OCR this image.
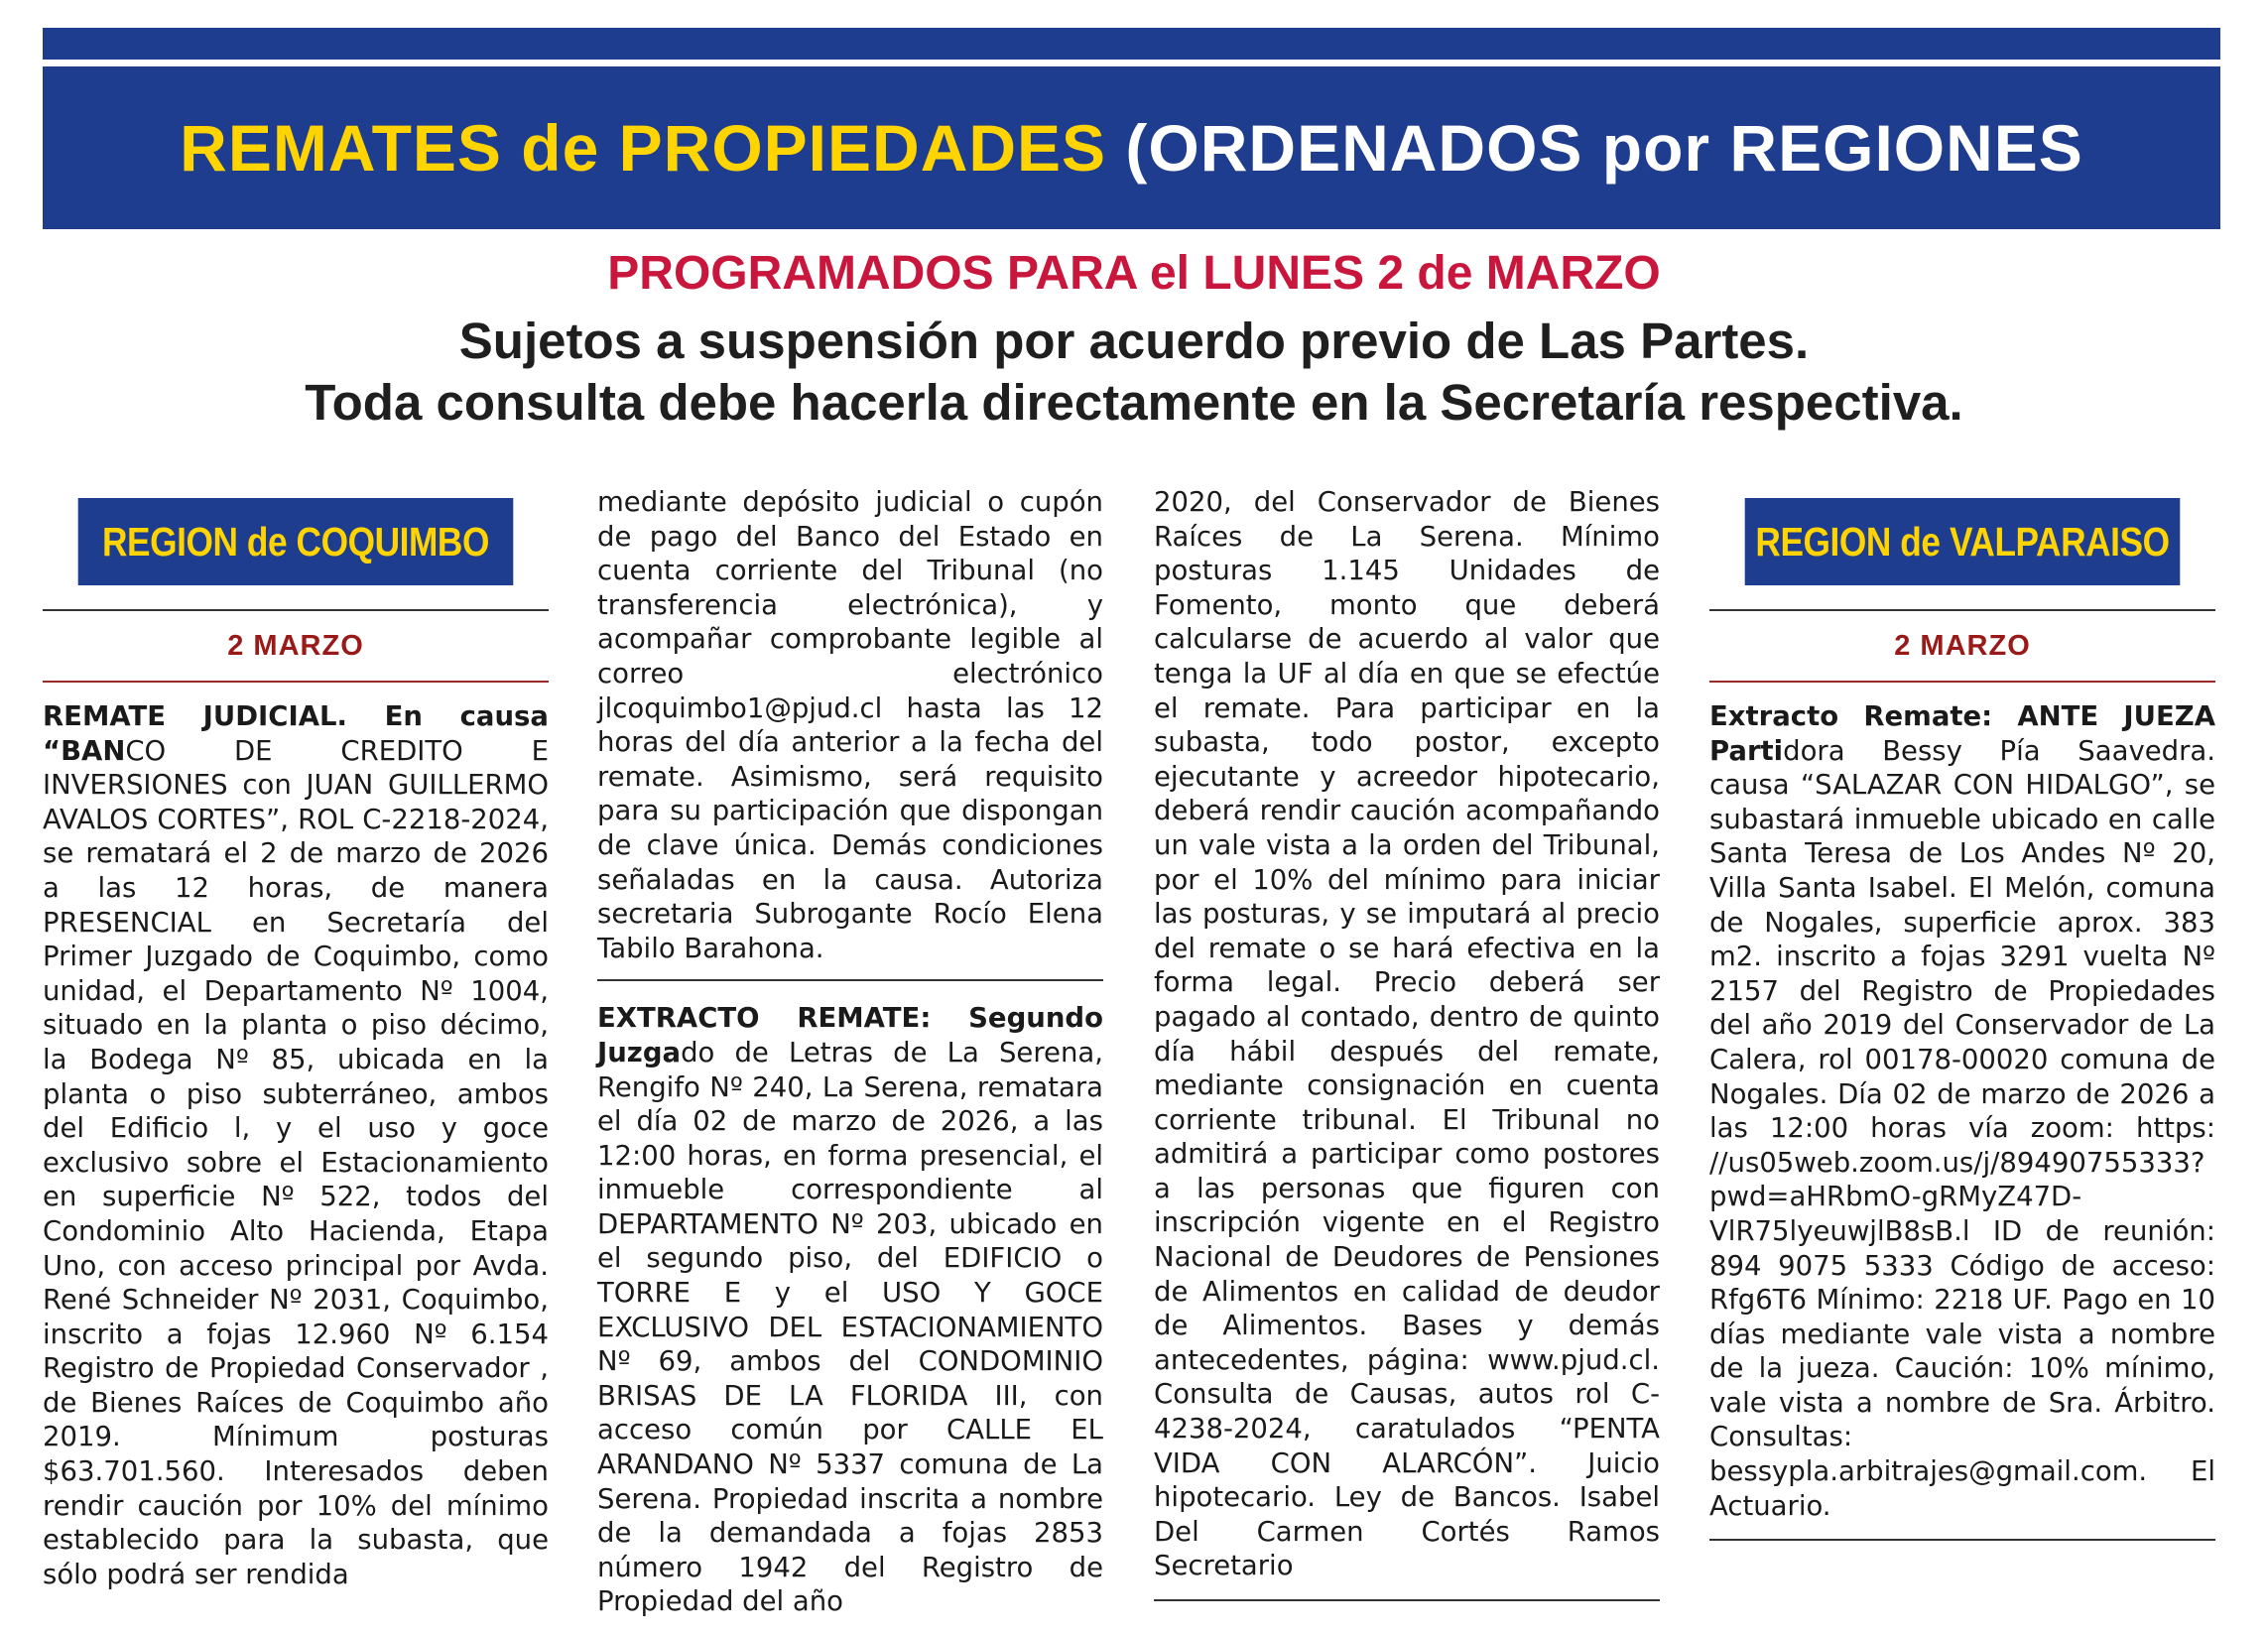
REMATES de PROPIEDADES (ORDENADOS por REGIONES
PROGRAMADOS PARA el LUNES 2 de MARZO
Sujetos a suspensión por acuerdo previo de Las Partes.
Toda consulta debe hacerla directamente en la Secretaría respectiva.
REGION de COQUIMBO
2 MARZO

REMATE JUDICIAL. En causa “BANCO DE CREDITO E INVERSIONES con JUAN GUILLERMO AVALOS CORTES”, ROL C-2218-2024, se rematará el 2 de marzo de 2026 a las 12 horas, de manera PRESENCIAL en Secretaría del Primer Juzgado de Coquimbo, como unidad, el Departamento Nº 1004, situado en la planta o piso décimo, la Bodega Nº 85, ubicada en la planta o piso subterráneo, ambos del Edificio l, y el uso y goce exclusivo sobre el Estacionamiento en superficie Nº 522, todos del Condominio Alto Hacienda, Etapa Uno, con acceso principal por Avda. René Schneider Nº 2031, Coquimbo, inscrito a fojas 12.960 Nº 6.154 Registro de Propiedad Conservador , de Bienes Raíces de Coquimbo año 2019. Mínimum posturas $63.701.560. Interesados deben rendir caución por 10% del mínimo establecido para la subasta, que sólo podrá ser rendida

mediante depósito judicial o cupón de pago del Banco del Estado en cuenta corriente del Tribunal (no transferencia electrónica), y acompañar comprobante legible al correo electrónico jlcoquimbo1@pjud.cl hasta las 12 horas del día anterior a la fecha del remate. Asimismo, será requisito para su participación que dispongan de clave única. Demás condiciones señaladas en la causa. Autoriza secretaria Subrogante Rocío Elena Tabilo Barahona.

EXTRACTO REMATE: Segundo Juzgado de Letras de La Serena, Rengifo Nº 240, La Serena, rematara el día 02 de marzo de 2026, a las 12:00 horas, en forma presencial, el inmueble correspondiente al DEPARTAMENTO Nº 203, ubicado en el segundo piso, del EDIFICIO o TORRE E y el USO Y GOCE EXCLUSIVO DEL ESTACIONAMIENTO Nº 69, ambos del CONDOMINIO BRISAS DE LA FLORIDA III, con acceso común por CALLE EL ARANDANO Nº 5337 comuna de La Serena. Propiedad inscrita a nombre de la demandada a fojas 2853 número 1942 del Registro de Propiedad del año

2020, del Conservador de Bienes Raíces de La Serena. Mínimo posturas 1.145 Unidades de Fomento, monto que deberá calcularse de acuerdo al valor que tenga la UF al día en que se efectúe el remate. Para participar en la subasta, todo postor, excepto ejecutante y acreedor hipotecario, deberá rendir caución acompañando un vale vista a la orden del Tribunal, por el 10% del mínimo para iniciar las posturas, y se imputará al precio del remate o se hará efectiva en la forma legal. Precio deberá ser pagado al contado, dentro de quinto día hábil después del remate, mediante consignación en cuenta corriente tribunal. El Tribunal no admitirá a participar como postores a las personas que figuren con inscripción vigente en el Registro Nacional de Deudores de Pensiones de Alimentos en calidad de deudor de Alimentos. Bases y demás antecedentes, página: www.pjud.cl. Consulta de Causas, autos rol C-4238-2024, caratulados “PENTA VIDA CON ALARCÓN”. Juicio hipotecario. Ley de Bancos. Isabel Del Carmen Cortés Ramos Secretario

REGION de VALPARAISO
2 MARZO

Extracto Remate: ANTE JUEZA Partidora Bessy Pía Saavedra. causa “SALAZAR CON HIDALGO”, se subastará inmueble ubicado en calle Santa Teresa de Los Andes Nº 20, Villa Santa Isabel. El Melón, comuna de Nogales, superficie aprox. 383 m2. inscrito a fojas 3291 vuelta Nº 2157 del Registro de Propiedades del año 2019 del Conservador de La Calera, rol 00178-00020 comuna de Nogales. Día 02 de marzo de 2026 a las 12:00 horas vía zoom: https: //us05web.zoom.us/j/89490755333?pwd=aHRbmO-gRMyZ47D-VlR75lyeuwjlB8sB.l ID de reunión: 894 9075 5333 Código de acceso: Rfg6T6 Mínimo: 2218 UF. Pago en 10 días mediante vale vista a nombre de la jueza. Caución: 10% mínimo, vale vista a nombre de Sra. Árbitro. Consultas: bessypla.arbitrajes@gmail.com. El Actuario.
